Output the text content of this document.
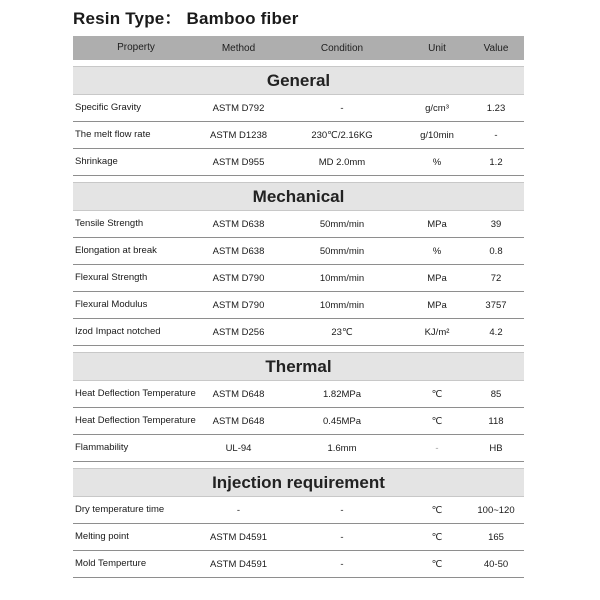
Resin Type： Bamboo fiber
Property	Method	Condition	Unit	Value
General
Specific Gravity	ASTM D792	-	g/cm³	1.23
The melt flow rate	ASTM D1238	230℃/2.16KG	g/10min	-
Shrinkage	ASTM D955	MD 2.0mm	%	1.2
Mechanical
Tensile Strength	ASTM D638	50mm/min	MPa	39
Elongation at break	ASTM D638	50mm/min	%	0.8
Flexural Strength	ASTM D790	10mm/min	MPa	72
Flexural Modulus	ASTM D790	10mm/min	MPa	3757
Izod Impact notched	ASTM D256	23℃	KJ/m²	4.2
Thermal
Heat Deflection Temperature	ASTM D648	1.82MPa	℃	85
Heat Deflection Temperature	ASTM D648	0.45MPa	℃	118
Flammability	UL-94	1.6mm	-	HB
Injection requirement
Dry temperature time	-	-	℃	100~120
Melting point	ASTM D4591	-	℃	165
Mold Temperture	ASTM D4591	-	℃	40-50
